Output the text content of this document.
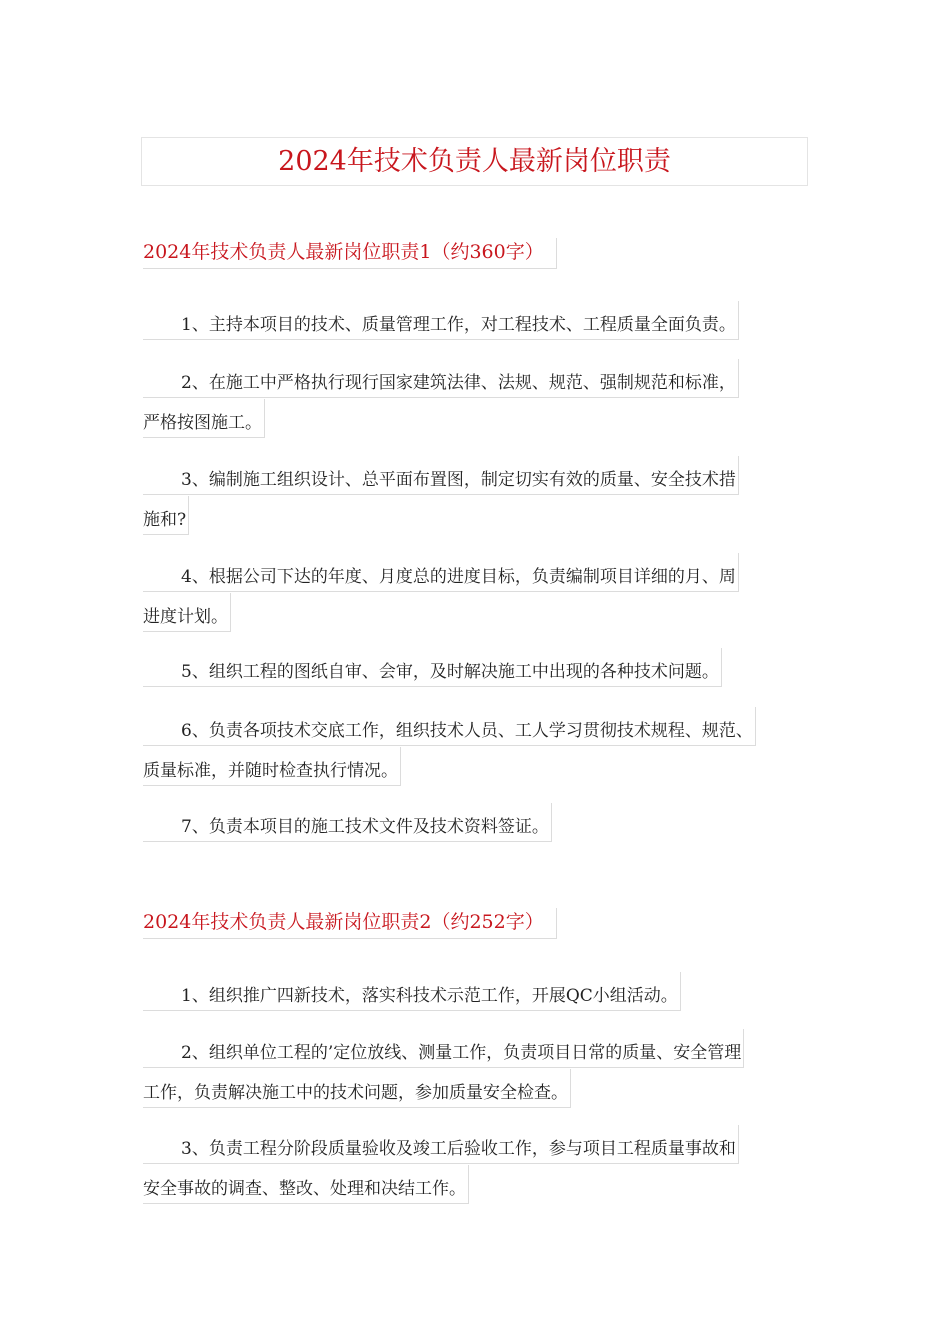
2024年技术负责人最新岗位职责
2024年技术负责人最新岗位职责1（约360字）
1、主持本项目的技术、质量管理工作，对工程技术、工程质量全面负责。
2、在施工中严格执行现行国家建筑法律、法规、规范、强制规范和标准，
严格按图施工。
3、编制施工组织设计、总平面布置图，制定切实有效的质量、安全技术措
施和?
4、根据公司下达的年度、月度总的进度目标，负责编制项目详细的月、周
进度计划。
5、组织工程的图纸自审、会审，及时解决施工中出现的各种技术问题。
6、负责各项技术交底工作，组织技术人员、工人学习贯彻技术规程、规范、
质量标准，并随时检查执行情况。
7、负责本项目的施工技术文件及技术资料签证。
2024年技术负责人最新岗位职责2（约252字）
1、组织推广四新技术，落实科技术示范工作，开展QC小组活动。
2、组织单位工程的’定位放线、测量工作，负责项目日常的质量、安全管理
工作，负责解决施工中的技术问题，参加质量安全检查。
3、负责工程分阶段质量验收及竣工后验收工作，参与项目工程质量事故和
安全事故的调查、整改、处理和决结工作。
